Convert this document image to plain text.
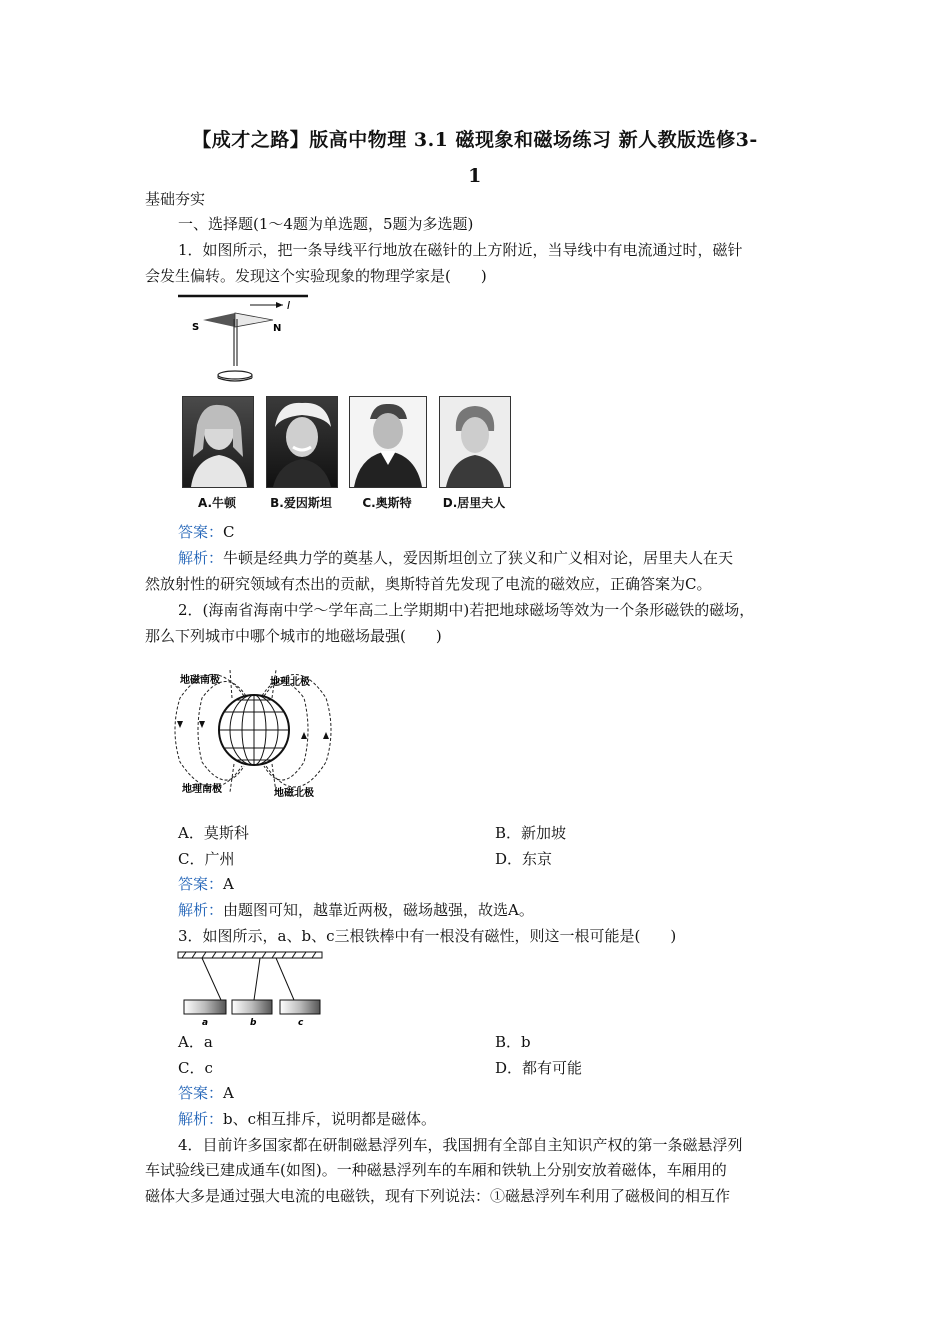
【成才之路】版高中物理 3.1 磁现象和磁场练习 新人教版选修3-
1
基础夯实
一、选择题(1～4题为单选题，5题为多选题)
1．如图所示，把一条导线平行地放在磁针的上方附近，当导线中有电流通过时，磁针
会发生偏转。发现这个实验现象的物理学家是(　　)
I
S	N
A.牛顿	B.爱因斯坦	C.奥斯特	D.居里夫人
答案：C
解析：牛顿是经典力学的奠基人，爱因斯坦创立了狭义和广义相对论，居里夫人在天
然放射性的研究领域有杰出的贡献，奥斯特首先发现了电流的磁效应，正确答案为C。
2．(海南省海南中学～学年高二上学期期中)若把地球磁场等效为一个条形磁铁的磁场，
那么下列城市中哪个城市的地磁场最强(　　)
地磁南极	地理北极
地理南极	地磁北极
A．莫斯科	B．新加坡
C．广州	D．东京
答案：A
解析：由题图可知，越靠近两极，磁场越强，故选A。
3．如图所示，a、b、c三根铁棒中有一根没有磁性，则这一根可能是(　　)
a	b	c
A．a	B．b
C．c	D．都有可能
答案：A
解析：b、c相互排斥，说明都是磁体。
4．目前许多国家都在研制磁悬浮列车，我国拥有全部自主知识产权的第一条磁悬浮列
车试验线已建成通车(如图)。一种磁悬浮列车的车厢和铁轨上分别安放着磁体，车厢用的
磁体大多是通过强大电流的电磁铁，现有下列说法：①磁悬浮列车利用了磁极间的相互作
